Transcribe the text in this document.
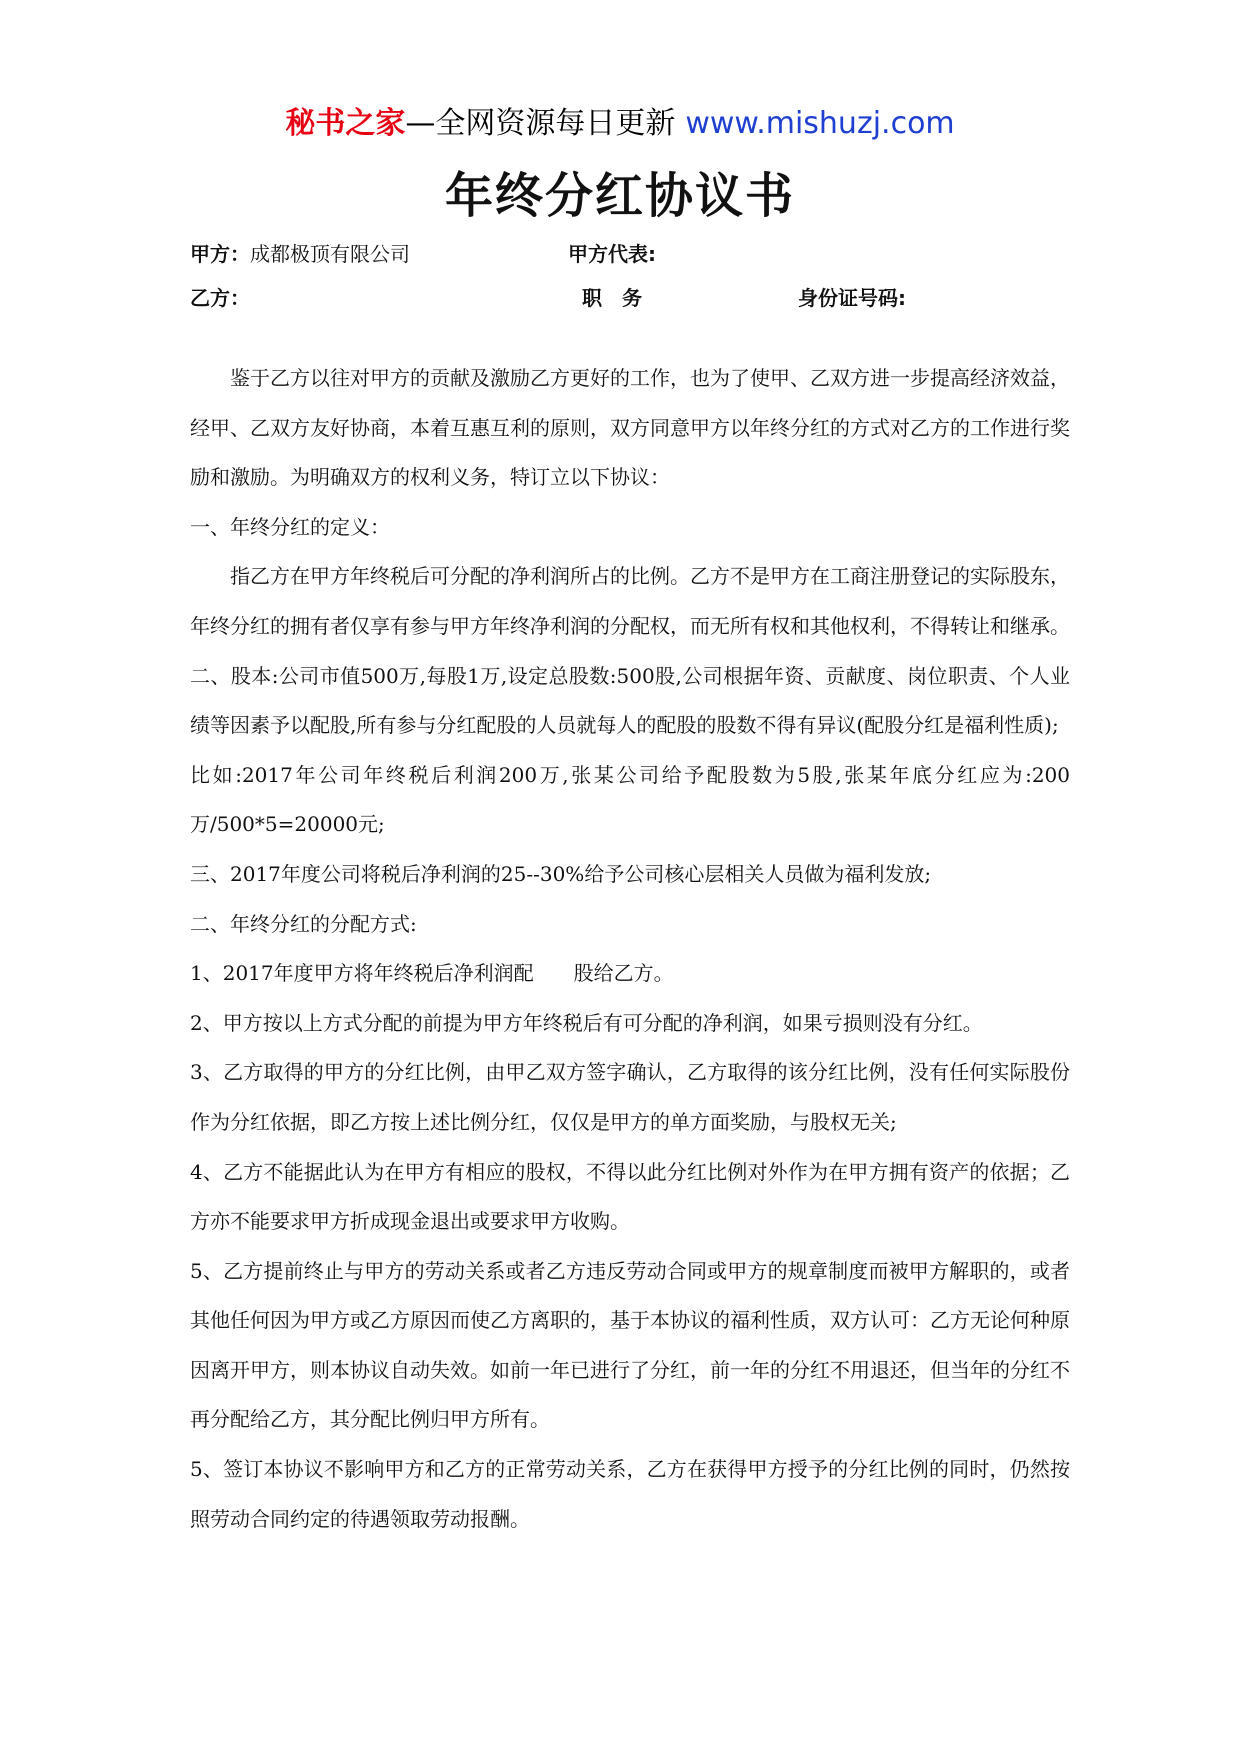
秘书之家—全网资源每日更新 www.mishuzj.com
年终分红协议书
甲方：成都极顶有限公司	甲方代表:
乙方：	职　务	身份证号码:

鉴于乙方以往对甲方的贡献及激励乙方更好的工作，也为了使甲、乙双方进一步提高经济效益，经甲、乙双方友好协商，本着互惠互利的原则，双方同意甲方以年终分红的方式对乙方的工作进行奖励和激励。为明确双方的权利义务，特订立以下协议：

一、年终分红的定义：

指乙方在甲方年终税后可分配的净利润所占的比例。乙方不是甲方在工商注册登记的实际股东，年终分红的拥有者仅享有参与甲方年终净利润的分配权，而无所有权和其他权利，不得转让和继承。

二、股本:公司市值500万,每股1万,设定总股数:500股,公司根据年资、贡献度、岗位职责、个人业绩等因素予以配股,所有参与分红配股的人员就每人的配股的股数不得有异议(配股分红是福利性质);

比如:2017年公司年终税后利润200万,张某公司给予配股数为5股,张某年底分红应为:200万/500*5=20000元;

三、2017年度公司将税后净利润的25--30%给予公司核心层相关人员做为福利发放;

二、年终分红的分配方式:

1、2017年度甲方将年终税后净利润配　　股给乙方。

2、甲方按以上方式分配的前提为甲方年终税后有可分配的净利润，如果亏损则没有分红。

3、乙方取得的甲方的分红比例，由甲乙双方签字确认，乙方取得的该分红比例，没有任何实际股份作为分红依据，即乙方按上述比例分红，仅仅是甲方的单方面奖励，与股权无关;

4、乙方不能据此认为在甲方有相应的股权，不得以此分红比例对外作为在甲方拥有资产的依据；乙方亦不能要求甲方折成现金退出或要求甲方收购。

5、乙方提前终止与甲方的劳动关系或者乙方违反劳动合同或甲方的规章制度而被甲方解职的，或者其他任何因为甲方或乙方原因而使乙方离职的，基于本协议的福利性质，双方认可：乙方无论何种原因离开甲方，则本协议自动失效。如前一年已进行了分红，前一年的分红不用退还，但当年的分红不再分配给乙方，其分配比例归甲方所有。

5、签订本协议不影响甲方和乙方的正常劳动关系，乙方在获得甲方授予的分红比例的同时，仍然按照劳动合同约定的待遇领取劳动报酬。
